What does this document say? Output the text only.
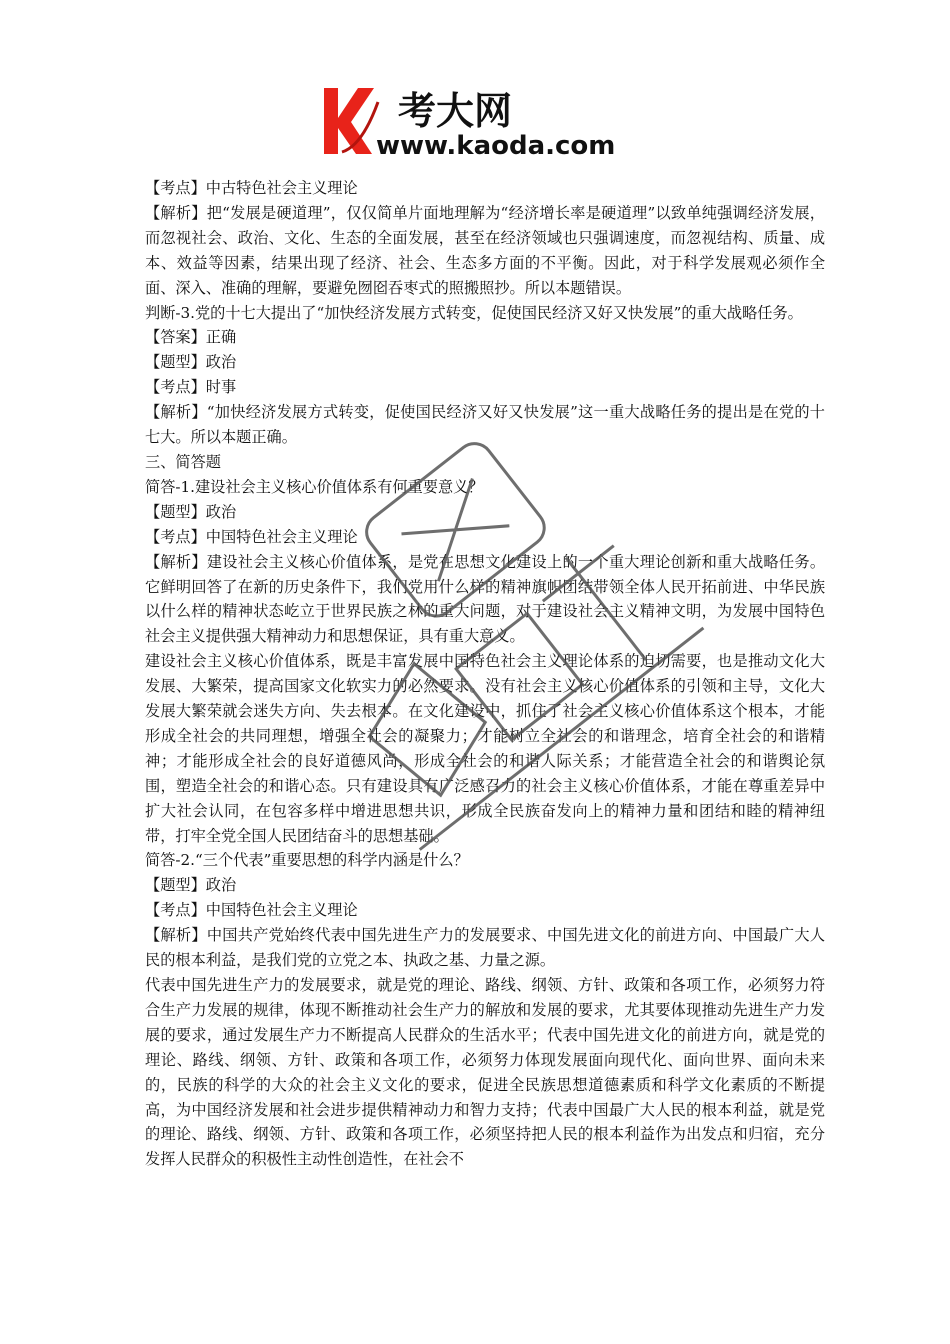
考大网
www.kaoda.com

【考点】中古特色社会主义理论

【解析】把“发展是硬道理”，仅仅简单片面地理解为“经济增长率是硬道理”以致单纯强调经济发展，而忽视社会、政治、文化、生态的全面发展，甚至在经济领域也只强调速度，而忽视结构、质量、成本、效益等因素，结果出现了经济、社会、生态多方面的不平衡。因此，对于科学发展观必须作全面、深入、准确的理解，要避免囫囵吞枣式的照搬照抄。所以本题错误。

判断-3.党的十七大提出了“加快经济发展方式转变，促使国民经济又好又快发展”的重大战略任务。

【答案】正确

【题型】政治

【考点】时事

【解析】“加快经济发展方式转变，促使国民经济又好又快发展”这一重大战略任务的提出是在党的十七大。所以本题正确。

三、简答题

简答-1.建设社会主义核心价值体系有何重要意义？

【题型】政治

【考点】中国特色社会主义理论

【解析】建设社会主义核心价值体系，是党在思想文化建设上的一个重大理论创新和重大战略任务。它鲜明回答了在新的历史条件下，我们党用什么样的精神旗帜团结带领全体人民开拓前进、中华民族以什么样的精神状态屹立于世界民族之林的重大问题，对于建设社会主义精神文明，为发展中国特色社会主义提供强大精神动力和思想保证，具有重大意义。

建设社会主义核心价值体系，既是丰富发展中国特色社会主义理论体系的迫切需要，也是推动文化大发展、大繁荣，提高国家文化软实力的必然要求。没有社会主义核心价值体系的引领和主导，文化大发展大繁荣就会迷失方向、失去根本。在文化建设中，抓住了社会主义核心价值体系这个根本，才能形成全社会的共同理想，增强全社会的凝聚力；才能树立全社会的和谐理念，培育全社会的和谐精神；才能形成全社会的良好道德风尚，形成全社会的和谐人际关系；才能营造全社会的和谐舆论氛围，塑造全社会的和谐心态。只有建设具有广泛感召力的社会主义核心价值体系，才能在尊重差异中扩大社会认同，在包容多样中增进思想共识，形成全民族奋发向上的精神力量和团结和睦的精神纽带，打牢全党全国人民团结奋斗的思想基础。

简答-2.“三个代表”重要思想的科学内涵是什么？

【题型】政治

【考点】中国特色社会主义理论

【解析】中国共产党始终代表中国先进生产力的发展要求、中国先进文化的前进方向、中国最广大人民的根本利益，是我们党的立党之本、执政之基、力量之源。

代表中国先进生产力的发展要求，就是党的理论、路线、纲领、方针、政策和各项工作，必须努力符合生产力发展的规律，体现不断推动社会生产力的解放和发展的要求，尤其要体现推动先进生产力发展的要求，通过发展生产力不断提高人民群众的生活水平；代表中国先进文化的前进方向，就是党的理论、路线、纲领、方针、政策和各项工作，必须努力体现发展面向现代化、面向世界、面向未来的，民族的科学的大众的社会主义文化的要求，促进全民族思想道德素质和科学文化素质的不断提高，为中国经济发展和社会进步提供精神动力和智力支持；代表中国最广大人民的根本利益，就是党的理论、路线、纲领、方针、政策和各项工作，必须坚持把人民的根本利益作为出发点和归宿，充分发挥人民群众的积极性主动性创造性，在社会不
